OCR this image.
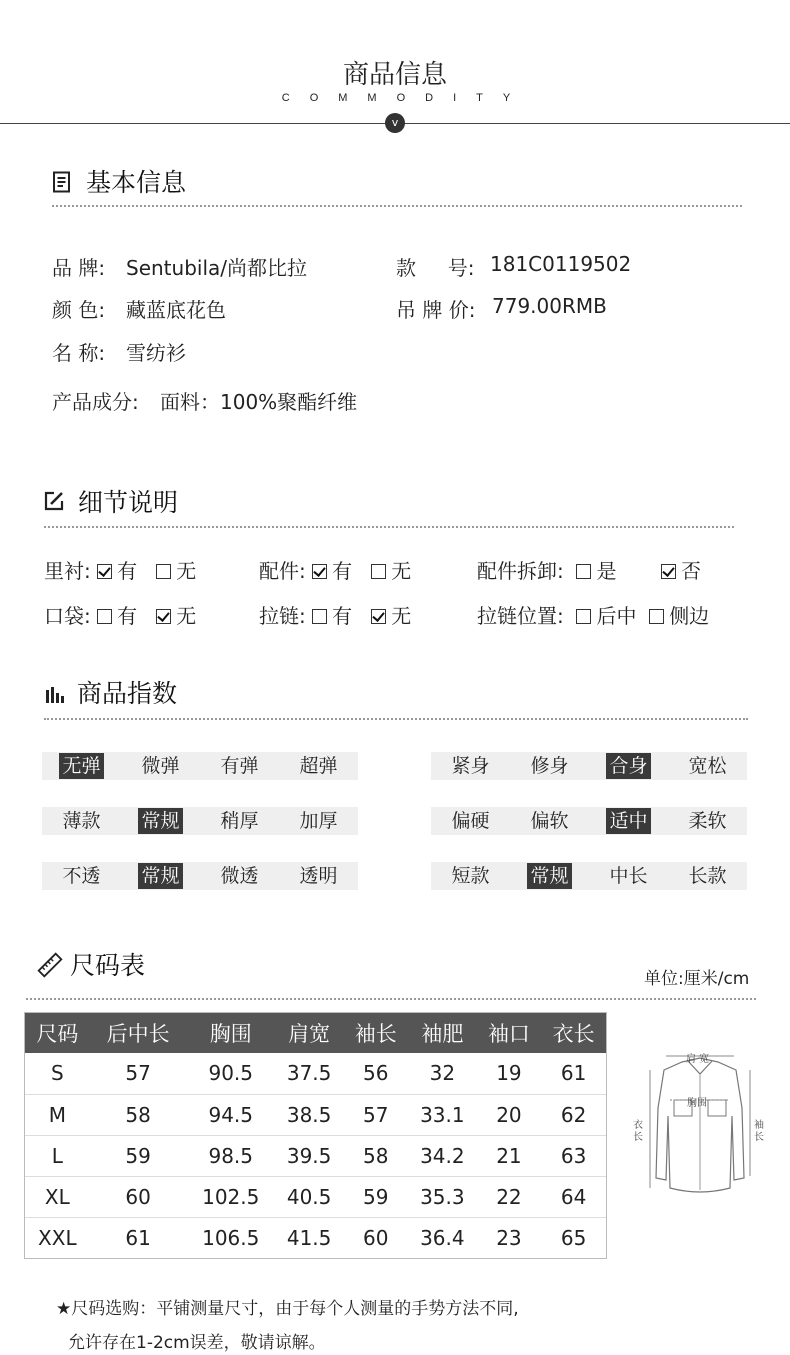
商品信息
COMMODITY
v
基本信息
品 牌: Sentubila/尚都比拉	款     号: 181C0119502
颜 色: 藏蓝底花色	吊 牌 价: 779.00RMB
名 称: 雪纺衫
产品成分: 面料：100%聚酯纤维
细节说明
里衬: 有 无	配件: 有 无	配件拆卸: 是	否
口袋: 有 无	拉链: 有 无	拉链位置: 后中 侧边
商品指数
无弹 微弹 有弹 超弹	紧身 修身 合身 宽松
薄款 常规 稍厚 加厚	偏硬 偏软 适中 柔软
不透 常规 微透 透明	短款 常规 中长 长款
尺码表	单位:厘米/cm
尺码	后中长	胸围	肩宽	袖长	袖肥	袖口	衣长
S	57	90.5	37.5	56	32	19	61
M	58	94.5	38.5	57	33.1	20	62
L	59	98.5	39.5	58	34.2	21	63
XL	60	102.5	40.5	59	35.3	22	64
XXL	61	106.5	41.5	60	36.4	23	65
肩 宽
胸围
衣 长
袖 长
★尺码选购：平铺测量尺寸，由于每个人测量的手势方法不同,
允许存在1-2cm误差，敬请谅解。
